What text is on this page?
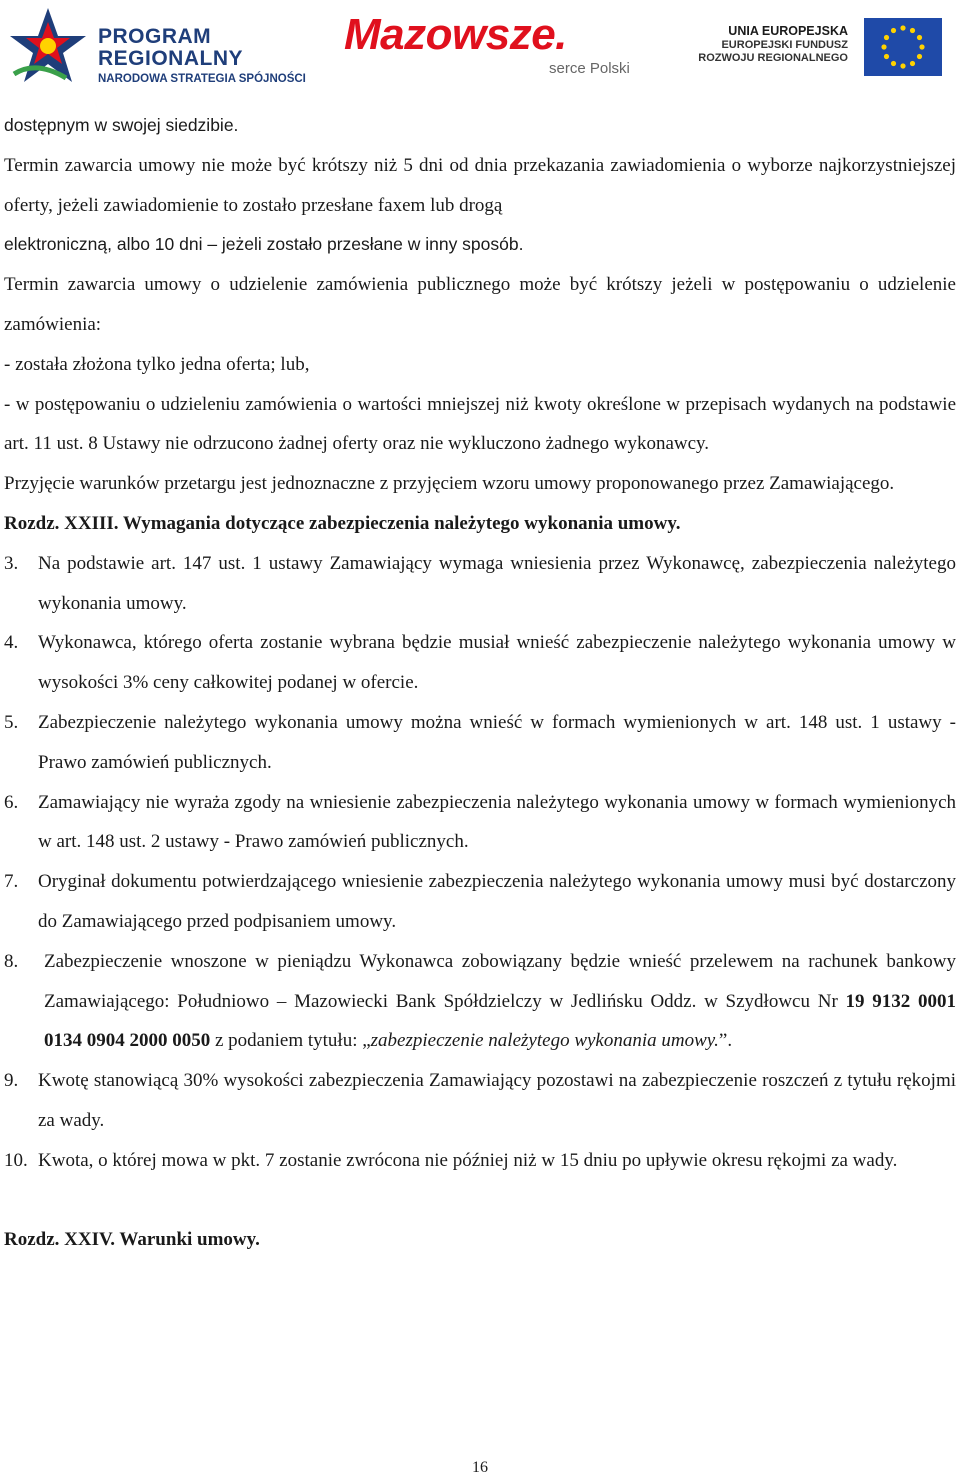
PROGRAM
REGIONALNY
NARODOWA STRATEGIA SPÓJNOŚCI
Mazowsze.
serce Polski
UNIA EUROPEJSKA
EUROPEJSKI FUNDUSZ
ROZWOJU REGIONALNEGO

dostępnym w swojej siedzibie.

Termin zawarcia umowy nie może być krótszy niż 5 dni od dnia przekazania zawiadomienia o wyborze najkorzystniejszej oferty, jeżeli zawiadomienie to zostało przesłane faxem lub drogą

elektroniczną, albo 10 dni – jeżeli zostało przesłane w inny sposób.

Termin zawarcia umowy o udzielenie zamówienia publicznego może być krótszy jeżeli w postępowaniu o udzielenie zamówienia:

- została złożona tylko jedna oferta; lub,

- w postępowaniu o udzieleniu zamówienia o wartości mniejszej niż kwoty określone w przepisach wydanych na podstawie art. 11 ust. 8 Ustawy nie odrzucono żadnej oferty oraz nie wykluczono żadnego wykonawcy.

Przyjęcie warunków przetargu jest jednoznaczne z przyjęciem wzoru umowy proponowanego przez Zamawiającego.

Rozdz. XXIII. Wymagania dotyczące zabezpieczenia należytego wykonania umowy.

3. Na podstawie art. 147 ust. 1 ustawy Zamawiający wymaga wniesienia przez Wykonawcę, zabezpieczenia należytego wykonania umowy.

4. Wykonawca, którego oferta zostanie wybrana będzie musiał wnieść zabezpieczenie należytego wykonania umowy w wysokości 3% ceny całkowitej podanej w ofercie.

5. Zabezpieczenie należytego wykonania umowy można wnieść w formach wymienionych w art. 148 ust. 1 ustawy - Prawo zamówień publicznych.

6. Zamawiający nie wyraża zgody na wniesienie zabezpieczenia należytego wykonania umowy w formach wymienionych w art. 148 ust. 2 ustawy - Prawo zamówień publicznych.

7. Oryginał dokumentu potwierdzającego wniesienie zabezpieczenia należytego wykonania umowy musi być dostarczony do Zamawiającego przed podpisaniem umowy.

8. Zabezpieczenie wnoszone w pieniądzu Wykonawca zobowiązany będzie wnieść przelewem na rachunek bankowy Zamawiającego: Południowo – Mazowiecki Bank Spółdzielczy w Jedlińsku Oddz. w Szydłowcu Nr 19 9132 0001 0134 0904 2000 0050 z podaniem tytułu: „zabezpieczenie należytego wykonania umowy.”.

9. Kwotę stanowiącą 30% wysokości zabezpieczenia Zamawiający pozostawi na zabezpieczenie roszczeń z tytułu rękojmi za wady.

10. Kwota, o której mowa w pkt. 7 zostanie zwrócona nie później niż w 15 dniu po upływie okresu rękojmi za wady.

Rozdz. XXIV. Warunki umowy.

16
